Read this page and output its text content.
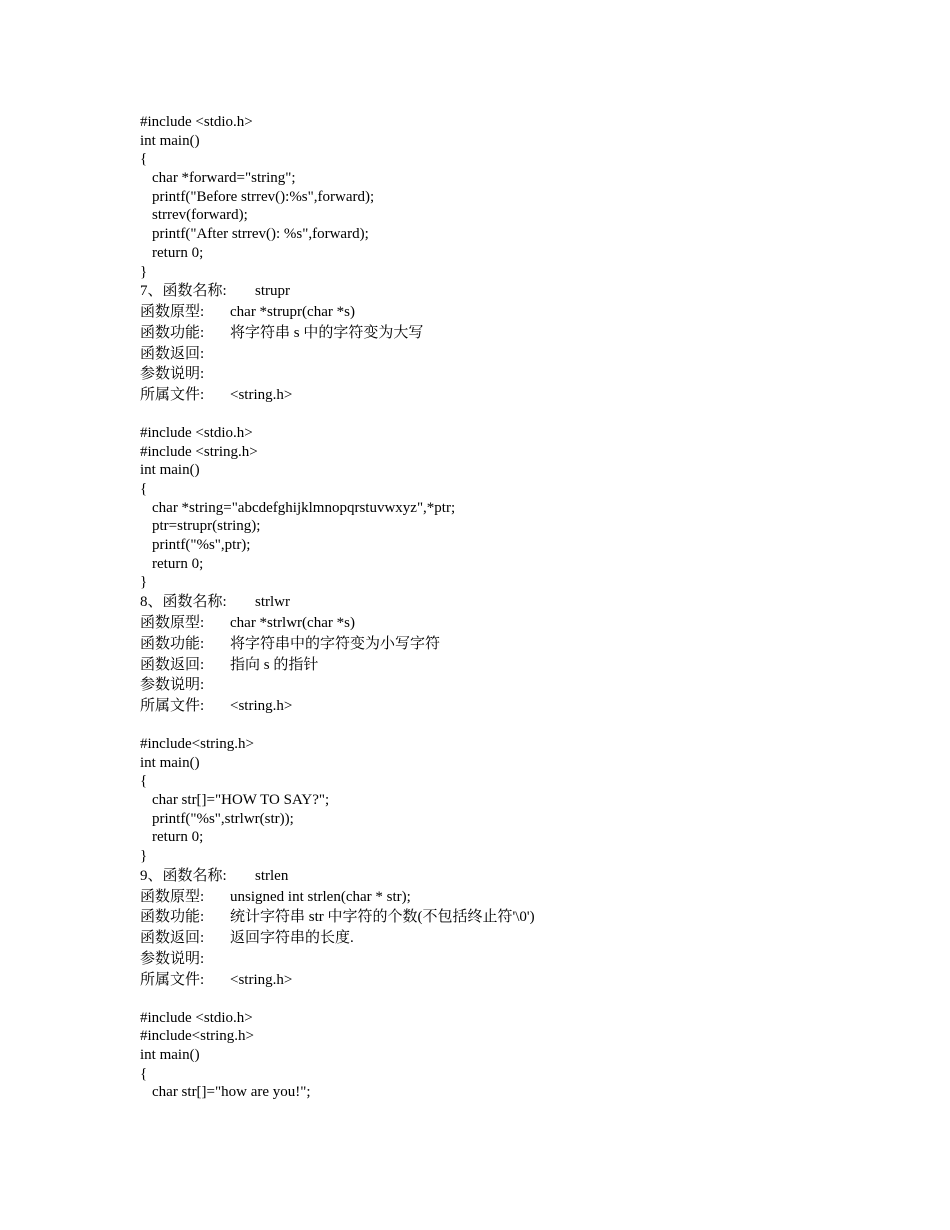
#include <stdio.h>
int main()
{
char *forward="string";
printf("Before strrev():%s",forward);
strrev(forward);
printf("After strrev(): %s",forward);
return 0;
}
7、函数名称: strupr
函数原型: char *strupr(char *s)
函数功能: 将字符串 s 中的字符变为大写
函数返回:
参数说明:
所属文件: <string.h>
#include <stdio.h>
#include <string.h>
int main()
{
char *string="abcdefghijklmnopqrstuvwxyz",*ptr;
ptr=strupr(string);
printf("%s",ptr);
return 0;
}
8、函数名称: strlwr
函数原型: char *strlwr(char *s)
函数功能: 将字符串中的字符变为小写字符
函数返回: 指向 s 的指针
参数说明:
所属文件: <string.h>
#include<string.h>
int main()
{
char str[]="HOW TO SAY?";
printf("%s",strlwr(str));
return 0;
}
9、函数名称: strlen
函数原型: unsigned int strlen(char * str);
函数功能: 统计字符串 str 中字符的个数(不包括终止符'\0')
函数返回: 返回字符串的长度.
参数说明:
所属文件: <string.h>
#include <stdio.h>
#include<string.h>
int main()
{
char str[]="how are you!";
